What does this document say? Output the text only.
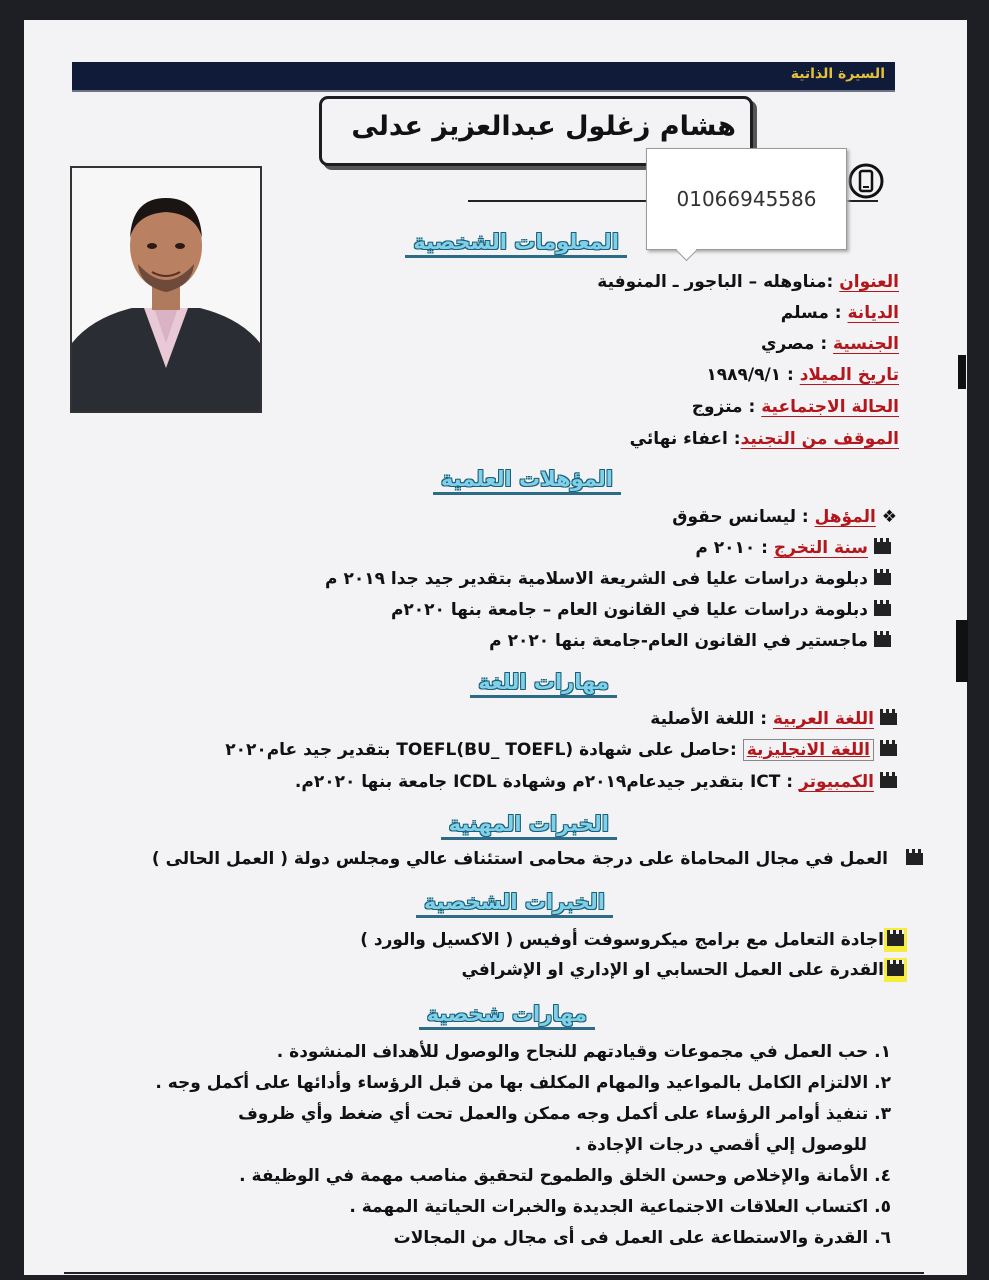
السيرة الذاتية
هشام زغلول عبدالعزيز عدلى
01066945586
المعلومات الشخصية
العنوان :مناوهله – الباجور ـ المنوفية
الديانة : مسلم
الجنسية : مصري
تاريخ الميلاد : ١٩٨٩/٩/١
الحالة الاجتماعية : متزوج
الموقف من التجنيد: اعفاء نهائي
المؤهلات العلمية
❖ المؤهل : ليسانس حقوق
سنة التخرج : ٢٠١٠ م
دبلومة دراسات عليا فى الشريعة الاسلامية بتقدير جيد جدا ٢٠١٩ م
دبلومة دراسات عليا في القانون العام – جامعة بنها ٢٠٢٠م
ماجستير في القانون العام-جامعة بنها ٢٠٢٠ م
مهارات اللغة
اللغة العربية : اللغة الأصلية
اللغة الانجليزية :حاصل على شهادة TOEFL(BU_ TOEFL) بتقدير جيد عام٢٠٢٠
الكمبيوتر : ICT بتقدير جيدعام٢٠١٩م وشهادة ICDL جامعة بنها ٢٠٢٠م.
الخبرات المهنية
العمل في مجال المحاماة على درجة محامى استئناف عالي ومجلس دولة ( العمل الحالى )
الخبرات الشخصية
اجادة التعامل مع برامج ميكروسوفت أوفيس ( الاكسيل والورد )
القدرة على العمل الحسابي او الإداري او الإشرافي
مهارات شخصية
١. حب العمل في مجموعات وقيادتهم للنجاح والوصول للأهداف المنشودة .
٢. الالتزام الكامل بالمواعيد والمهام المكلف بها من قبل الرؤساء وأدائها على أكمل وجه .
٣. تنفيذ أوامر الرؤساء على أكمل وجه ممكن والعمل تحت أي ضغط وأي ظروف
للوصول إلي أقصي درجات الإجادة .
٤. الأمانة والإخلاص وحسن الخلق والطموح لتحقيق مناصب مهمة في الوظيفة .
٥. اكتساب العلاقات الاجتماعية الجديدة والخبرات الحياتية المهمة .
٦. القدرة والاستطاعة على العمل فى أى مجال من المجالات
